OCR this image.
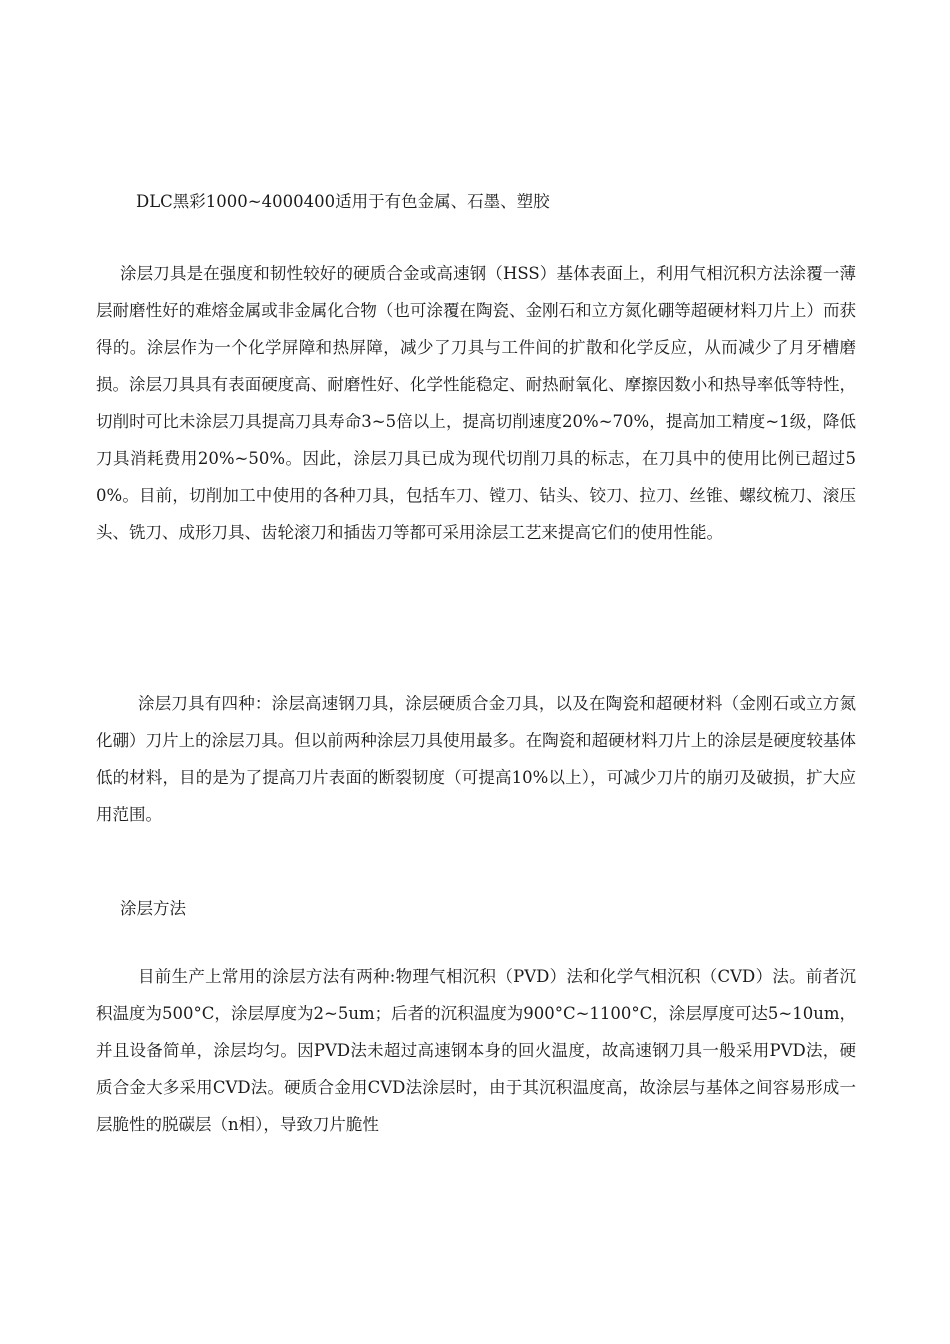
DLC黑彩1000~4000400适用于有色金属、石墨、塑胶

涂层刀具是在强度和韧性较好的硬质合金或高速钢（HSS）基体表面上，利用气相沉积方法涂覆一薄层耐磨性好的难熔金属或非金属化合物（也可涂覆在陶瓷、金刚石和立方氮化硼等超硬材料刀片上）而获得的。涂层作为一个化学屏障和热屏障，减少了刀具与工件间的扩散和化学反应，从而减少了月牙槽磨损。涂层刀具具有表面硬度高、耐磨性好、化学性能稳定、耐热耐氧化、摩擦因数小和热导率低等特性，切削时可比未涂层刀具提高刀具寿命3~5倍以上，提高切削速度20%~70%，提高加工精度~1级，降低刀具消耗费用20%~50%。因此，涂层刀具已成为现代切削刀具的标志，在刀具中的使用比例已超过50%。目前，切削加工中使用的各种刀具，包括车刀、镗刀、钻头、铰刀、拉刀、丝锥、螺纹梳刀、滚压头、铣刀、成形刀具、齿轮滚刀和插齿刀等都可采用涂层工艺来提高它们的使用性能。

涂层刀具有四种：涂层高速钢刀具，涂层硬质合金刀具，以及在陶瓷和超硬材料（金刚石或立方氮化硼）刀片上的涂层刀具。但以前两种涂层刀具使用最多。在陶瓷和超硬材料刀片上的涂层是硬度较基体低的材料，目的是为了提高刀片表面的断裂韧度（可提高10%以上），可减少刀片的崩刃及破损，扩大应用范围。

涂层方法

目前生产上常用的涂层方法有两种:物理气相沉积（PVD）法和化学气相沉积（CVD）法。前者沉积温度为500°C，涂层厚度为2~5um；后者的沉积温度为900°C~1100°C，涂层厚度可达5~10um，并且设备简单，涂层均匀。因PVD法未超过高速钢本身的回火温度，故高速钢刀具一般采用PVD法，硬质合金大多采用CVD法。硬质合金用CVD法涂层时，由于其沉积温度高，故涂层与基体之间容易形成一层脆性的脱碳层（n相），导致刀片脆性
